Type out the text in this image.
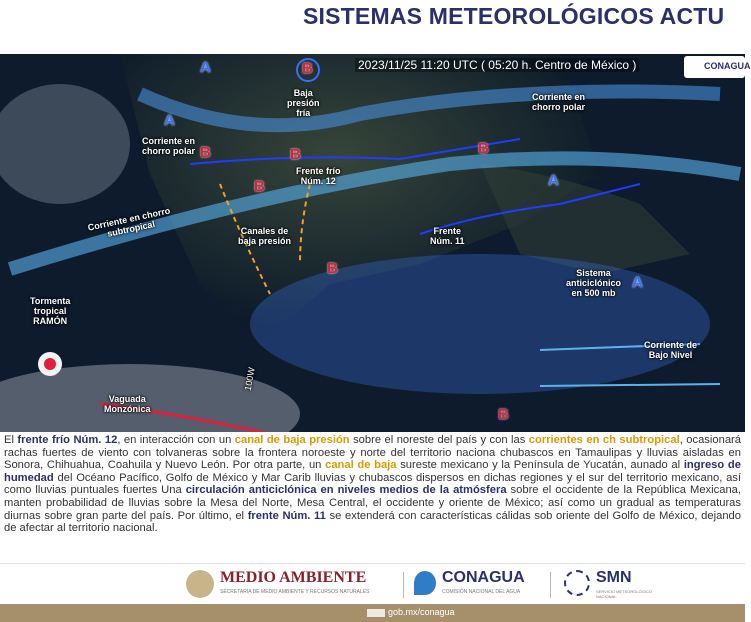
SISTEMAS METEOROLÓGICOS ACTU
A
A
A
A
B
B	B
B
B
B
B
Baja
presión
fría
Corriente en
chorro polar
Corriente en
chorro polar
Frente frío
Núm. 12
Corriente en chorro
subtropical	Canales de
baja presión
Frente
Núm. 11
Sistema
anticiclónico
en 500 mb
Tormenta
tropical
RAMÓN
Vaguada
Monzónica
Corriente de
Bajo Nivel
100W
2023/11/25 11:20 UTC ( 05:20 h. Centro de México )	CONAGUA

El frente frío Núm. 12, en interacción con un canal de baja presión sobre el noreste del país y con las corrientes en ch subtropical, ocasionará rachas fuertes de viento con tolvaneras sobre la frontera noroeste y norte del territorio naciona chubascos en Tamaulipas y lluvias aisladas en Sonora, Chihuahua, Coahuila y Nuevo León. Por otra parte, un canal de baja sureste mexicano y la Península de Yucatán, aunado al ingreso de humedad del Océano Pacífico, Golfo de México y Mar Carib lluvias y chubascos dispersos en dichas regiones y el sur del territorio mexicano, así como lluvias puntuales fuertes Una circulación anticiclónica en niveles medios de la atmósfera sobre el occidente de la República Mexicana, manten probabilidad de lluvias sobre la Mesa del Norte, Mesa Central, el occidente y oriente de México; así como un gradual as temperaturas diurnas sobre gran parte del país. Por último, el frente Núm. 11 se extenderá con características cálidas sob oriente del Golfo de México, dejando de afectar al territorio nacional.

MEDIO AMBIENTE
SECRETARÍA DE MEDIO AMBIENTE Y RECURSOS NATURALES
CONAGUA
COMISIÓN NACIONAL DEL AGUA
SMN
SERVICIO METEOROLÓGICO NACIONAL
gob.mx/conagua
